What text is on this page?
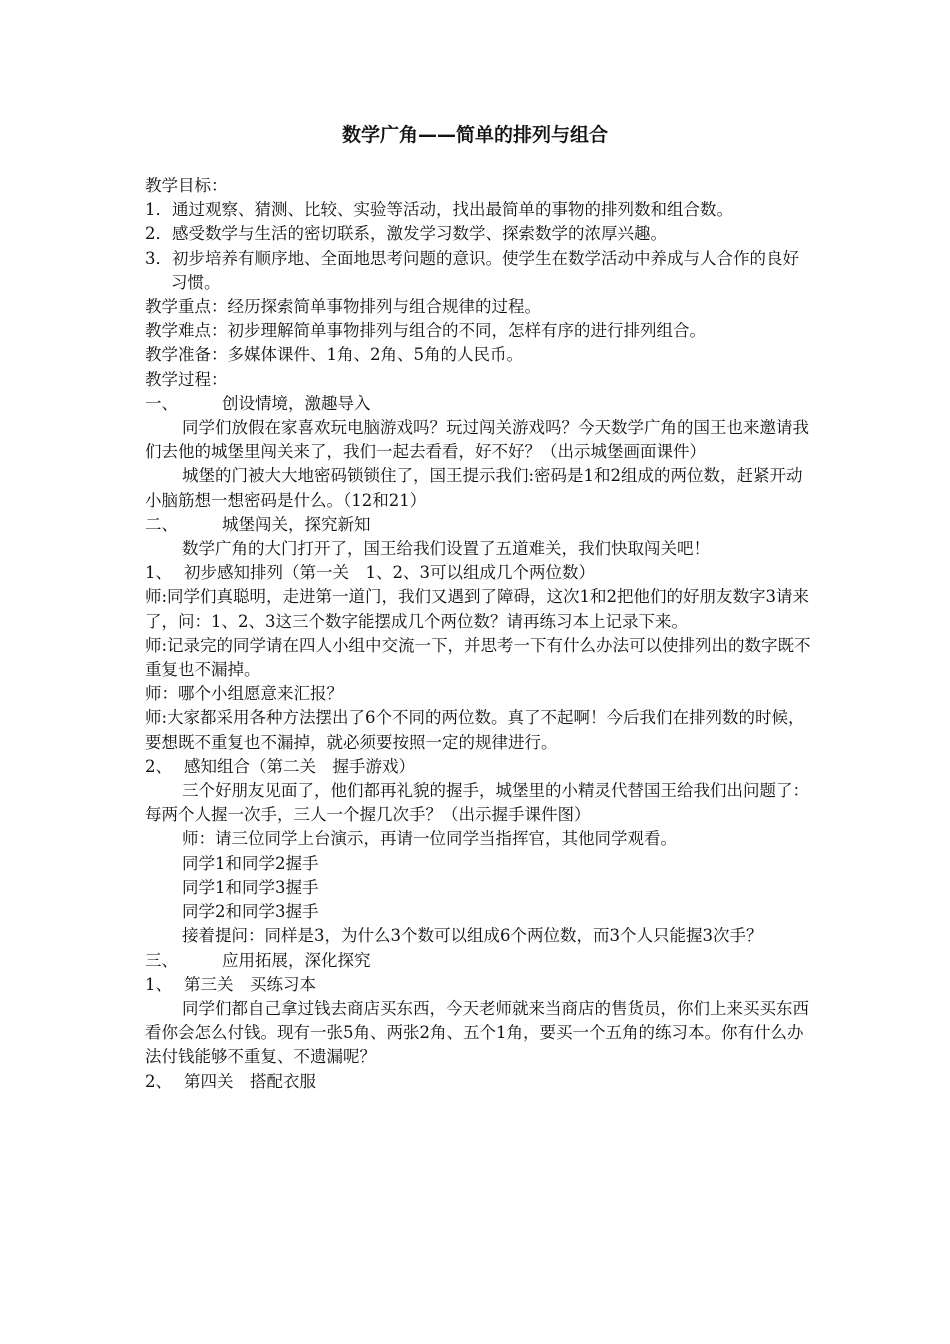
数学广角——简单的排列与组合

教学目标：

1．通过观察、猜测、比较、实验等活动，找出最简单的事物的排列数和组合数。

2．感受数学与生活的密切联系，激发学习数学、探索数学的浓厚兴趣。

3．初步培养有顺序地、全面地思考问题的意识。使学生在数学活动中养成与人合作的良好习惯。

教学重点：经历探索简单事物排列与组合规律的过程。

教学难点：初步理解简单事物排列与组合的不同，怎样有序的进行排列组合。

教学准备：多媒体课件、1角、2角、5角的人民币。

教学过程：

一、	创设情境，激趣导入

同学们放假在家喜欢玩电脑游戏吗？玩过闯关游戏吗？今天数学广角的国王也来邀请我们去他的城堡里闯关来了，我们一起去看看，好不好？（出示城堡画面课件）

城堡的门被大大地密码锁锁住了，国王提示我们:密码是1和2组成的两位数，赶紧开动小脑筋想一想密码是什么。（12和21）

二、	城堡闯关，探究新知

数学广角的大门打开了，国王给我们设置了五道难关，我们快取闯关吧！

1、 初步感知排列（第一关　1、2、3可以组成几个两位数）

师:同学们真聪明，走进第一道门，我们又遇到了障碍，这次1和2把他们的好朋友数字3请来了，问：1、2、3这三个数字能摆成几个两位数？请再练习本上记录下来。

师:记录完的同学请在四人小组中交流一下，并思考一下有什么办法可以使排列出的数字既不重复也不漏掉。

师：哪个小组愿意来汇报？

师:大家都采用各种方法摆出了6个不同的两位数。真了不起啊！今后我们在排列数的时候，要想既不重复也不漏掉，就必须要按照一定的规律进行。

2、 感知组合（第二关　握手游戏）

三个好朋友见面了，他们都再礼貌的握手，城堡里的小精灵代替国王给我们出问题了：每两个人握一次手，三人一个握几次手？（出示握手课件图）

师：请三位同学上台演示，再请一位同学当指挥官，其他同学观看。

同学1和同学2握手

同学1和同学3握手

同学2和同学3握手

接着提问：同样是3，为什么3个数可以组成6个两位数，而3个人只能握3次手？

三、	应用拓展，深化探究

1、 第三关　买练习本

同学们都自己拿过钱去商店买东西，今天老师就来当商店的售货员，你们上来买买东西看你会怎么付钱。现有一张5角、两张2角、五个1角，要买一个五角的练习本。你有什么办法付钱能够不重复、不遗漏呢？

2、 第四关　搭配衣服
